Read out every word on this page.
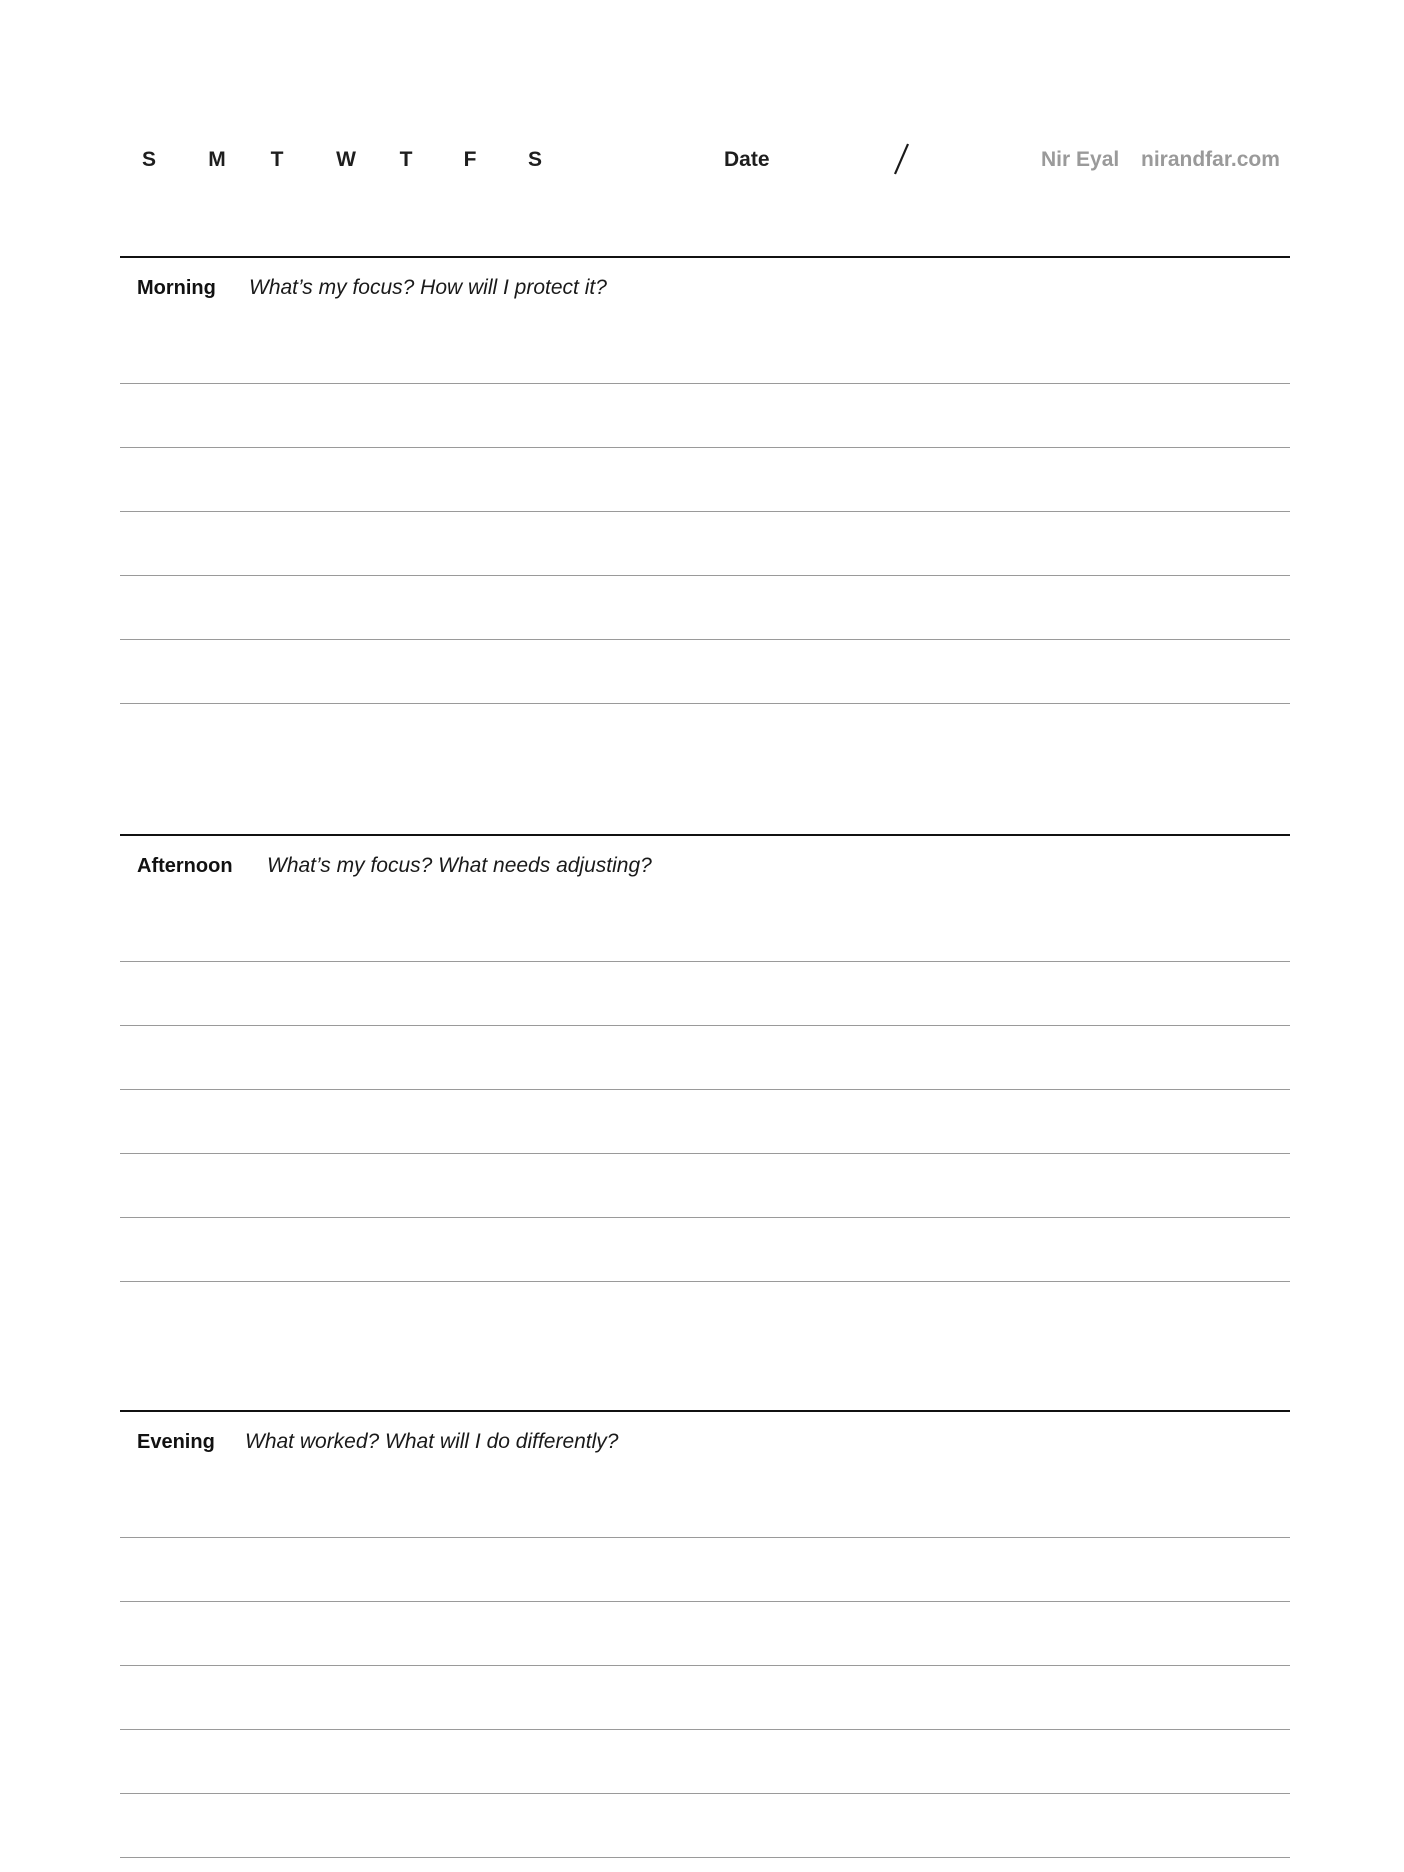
S M T	W T F S	Date	Nir Eyal nirandfar.com
Morning What’s my focus? How will I protect it?
Afternoon What’s my focus? What needs adjusting?
Evening What worked? What will I do differently?
